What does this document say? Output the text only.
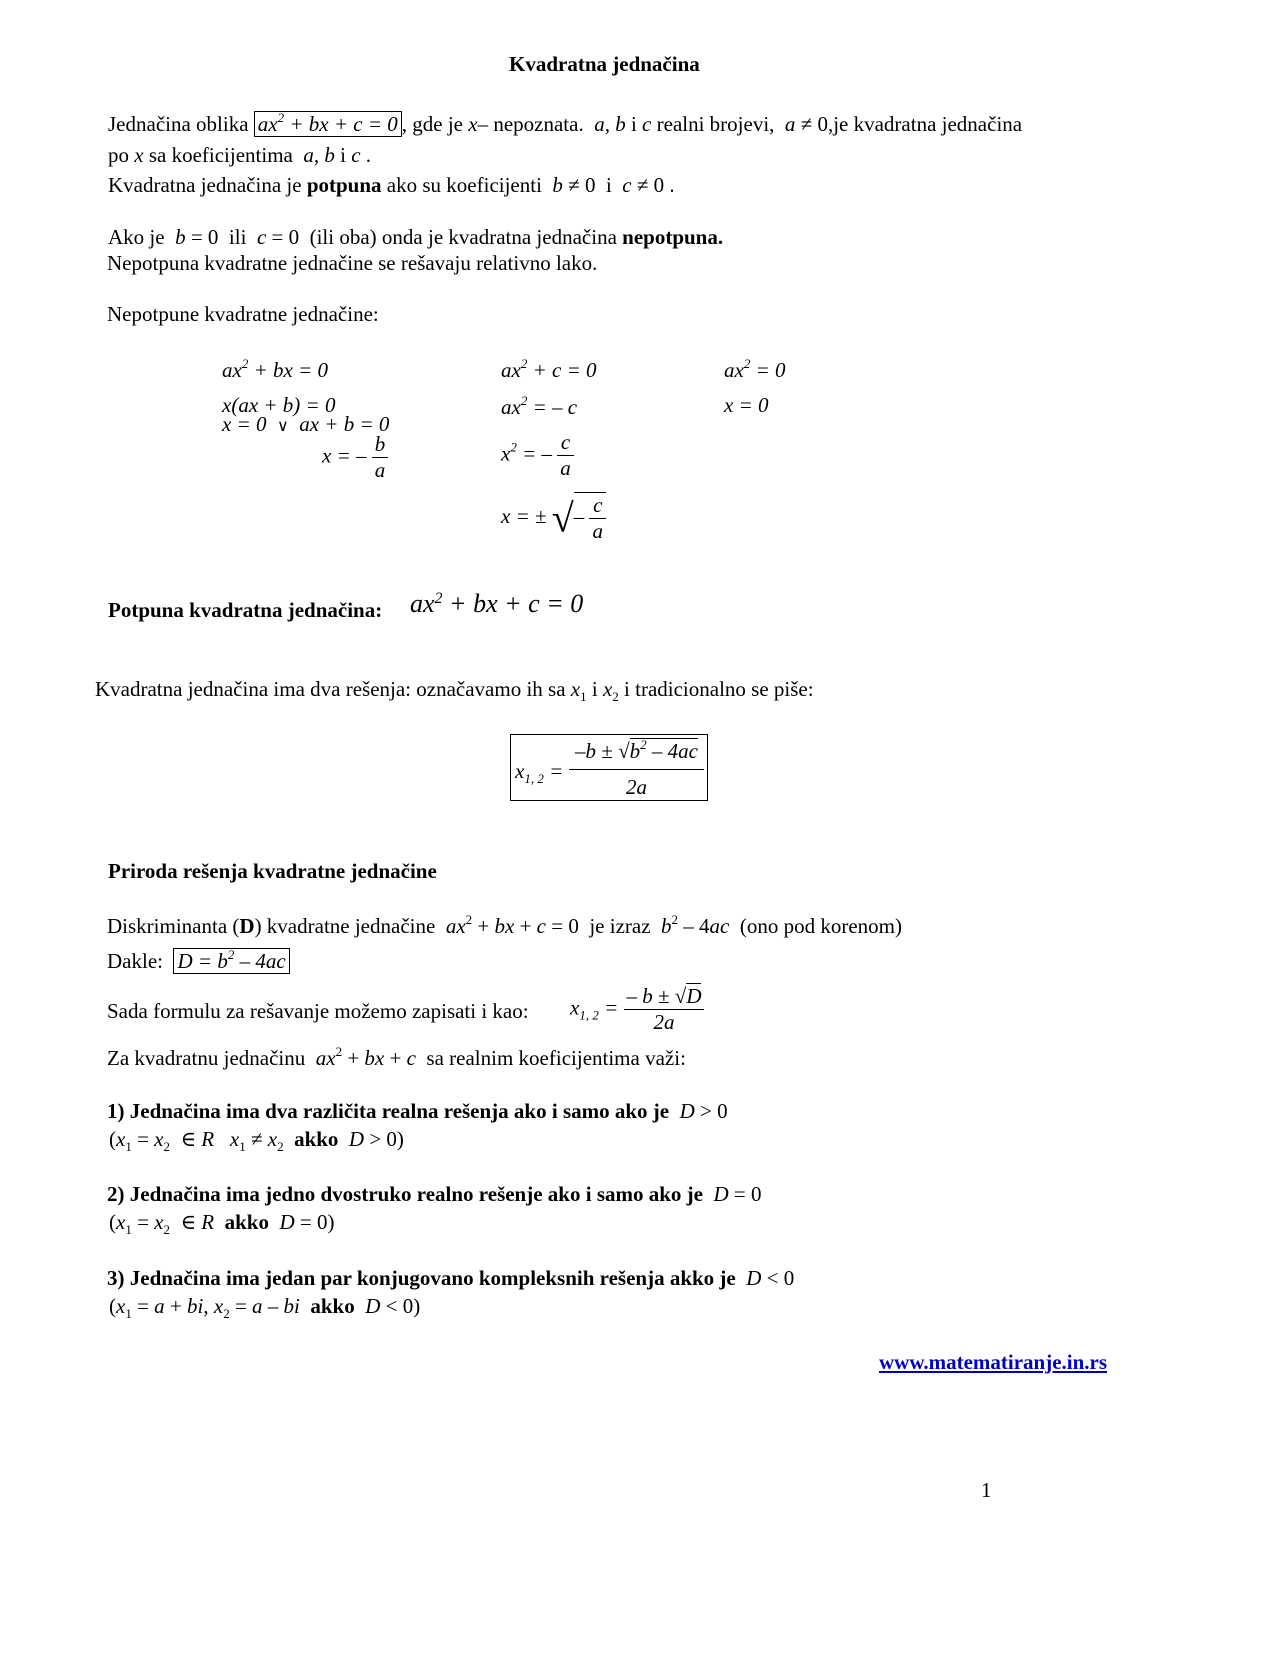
Kvadratna jednačina
Jednačina oblika $ax^2$ + bx + c = 0 , gde je x– nepoznata.  a, b i c realni brojevi,  a ≠ 0,je kvadratna jednačina
po x sa koeficijentima a, b i c .
Kvadratna jednačina je potpuna ako su koeficijenti b ≠ 0  i  c ≠ 0 .
Ako je b = 0  ili c = 0  (ili oba) onda je kvadratna jednačina nepotpuna.
Nepotpuna kvadratne jednačine se rešavaju relativno lako.
Nepotpune kvadratne jednačine:
$ax^2$ + bx = 0
x(ax + b) = 0
x = 0  ∨  ax + b = 0
x = – $\frac{b}{a}$
$ax^2 + c = 0$
$ax^2$ = – c
$x^2$ = – $\frac{c}{a}$
x = ± √– $\frac{c}{a}$
$ax^2 = 0$
x = 0
Potpuna kvadratna jednačina: $ax^2$ + bx + c = 0
Kvadratna jednačina ima dva rešenja: označavamo ih sa $x_1$ i $x_2$ i tradicionalno se piše:
$x_{1, 2}$ =
$-b \pm √b^2 - 4ac$
2a
Priroda rešenja kvadratne jednačine
Diskriminanta (D) kvadratne jednačine $ax^2$ + bx + c = 0  je izraz $b^2 - 4ac$ (ono pod korenom)
Dakle: $D = b^2 - 4ac$
Sada formulu za rešavanje možemo zapisati i kao: $x_{1, 2} = \frac{- b \pm √D}{2a}$
Za kvadratnu jednačinu $ax^2$ + bx + c sa realnim koeficijentima važi:
1) Jednačina ima dva različita realna rešenja ako i samo ako je D > 0
($x_1 = x_2$  ∈ R $x_1 \ne x_2$ akko D > 0)
2) Jednačina ima jedno dvostruko realno rešenje ako i samo ako je D = 0
($x_1 = x_2$  ∈ R akko D = 0)
3) Jednačina ima jedan par konjugovano kompleksnih rešenja akko je D < 0
($x_1 = a$ + bi, $x_2 = a$ – bi akko D < 0)
www.matematiranje.in.rs
1
